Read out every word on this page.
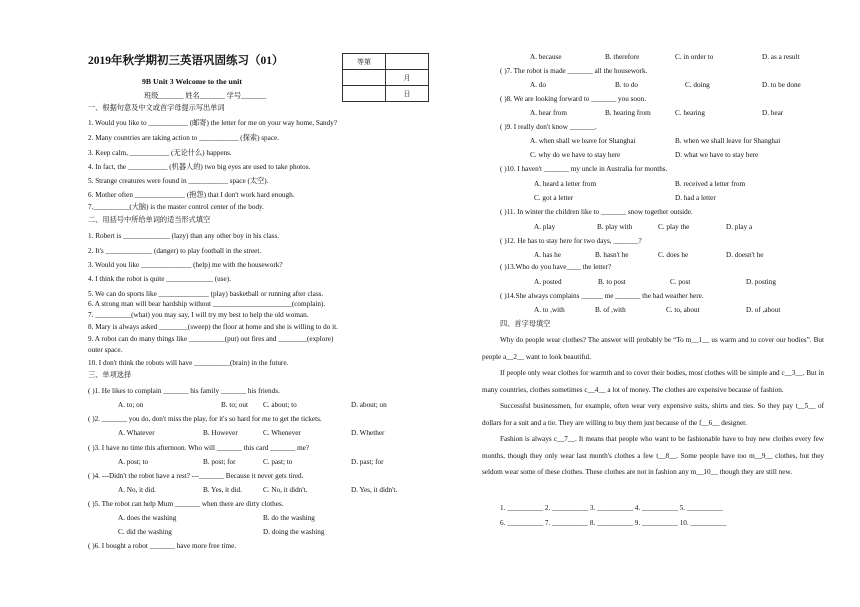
2019年秋学期初三英语巩固练习（01）
9B Unit 3 Welcome to the unit
班级_______ 姓名_______ 学号_______
等第	
	月
	日
一、根据句意及中文或首字母提示写出单词
1. Would you like to ___________ (邮寄) the letter for me on your way home, Sandy?
2. Many countries are taking action to ___________ (探索) space.
3. Keep calm, ___________ (无论什么) happens.
4. In fact, the ___________ (机器人的) two big eyes are used to take photos.
5. Strange creatures were found in ___________ space (太空).
6. Mother often ______________ (抱怨) that I don't work hard enough.
7.__________(大脑) is the master control center of the body.
二、用括号中所给单词的适当形式填空
1. Robert is _____________ (lazy) than any other boy in his class.
2. It's _____________ (danger) to play football in the street.
3. Would you like ______________ (help) me with the housework?
4. I think the robot is quite _____________ (use).
5. We can do sports like ______________ (play) basketball or running after class.
6. A strong man will bear hardship without ______________________(complain).
7. __________(what) you may say, I will try my best to help the old woman.
8. Mary is always asked ________(sweep) the floor at home and she is willing to do it.
9. A robot can do many things like __________(put) out fires and ________(explore)
outer space.
10. I don't think the robots will have __________(brain) in the future.
三、单项选择
( )1. He likes to complain _______ his family _______ his friends.
A. to; on	B. to; out C. about; to	D. about; on
( )2. _______ you do, don't miss the play, for it's so hard for me to get the tickets.
A. Whatever	B. However	C. Whenever	D. Whether
( )3. I have no time this afternoon. Who will _______ this card _______ me?
A. post; to	B. post; for	C. past; to	D. past; for
( )4. ---Didn't the robot have a rest? ---_______ Because it never gets tired.
A. No, it did.	B. Yes, it did.	C. No, it didn't.	D. Yes, it didn't.
( )5. The robot can help Mum _______ when there are dirty clothes.
A. does the washing	B. do the washing
C. did the washing	D. doing the washing
( )6. I bought a robot _______ have more free time.
A. because	B. therefore	C. in order to	D. as a result
( )7. The robot is made _______ all the housework.
A. do	B. to do	C. doing	D. to be done
( )8. We are looking forward to _______ you soon.
A. hear from	B. hearing from	C. hearing	D. hear
( )9. I really don't know _______.
A. when shall we leave for Shanghai	B. when we shall leave for Shanghai
C. why do we have to stay here	D. what we have to stay here
( )10. I haven't _______ my uncle in Australia for months.
A. heard a letter from	B. received a letter from
C. got a letter	D. had a letter
( )11. In winter the children like to _______ snow together outside.
A. play	B. play with	C. play the	D. play a
( )12. He has to stay here for two days, _______?
A. has he	B. hasn't he	C. does he	D. doesn't he
( )13.Who do you have____ the letter?
A. posted	B. to post	C. post	D. posting
( )14.She always complains ______ me _______ the bad weather here.
A. to ,with	B. of ,with	C. to, about	D. of ,about
四、首字母填空

Why do people wear clothes? The answer will probably be “To m__1__ us warm and to cover our bodies”. But people a__2__ want to look beautiful.

If people only wear clothes for warmth and to cover their bodies, most clothes will be simple and c__3__. But in many countries, clothes sometimes c__4__ a lot of money. The clothes are expensive because of fashion.

Successful businessmen, for example, often wear very expensive suits, shirts and ties. So they pay t__5__ of dollars for a suit and a tie. They are willing to buy them just because of the f__6__ designer.

Fashion is always c__7__. It means that people who want to be fashionable have to buy new clothes every few months, though they only wear last month's clothes a few t__8__. Some people have too m__9__ clothes, but they seldom wear some of these clothes. These clothes are not in fashion any m__10__ though they are still new.

1. __________ 2. __________ 3. __________ 4. __________ 5. __________
6. __________ 7. __________ 8. __________ 9. __________ 10. __________
